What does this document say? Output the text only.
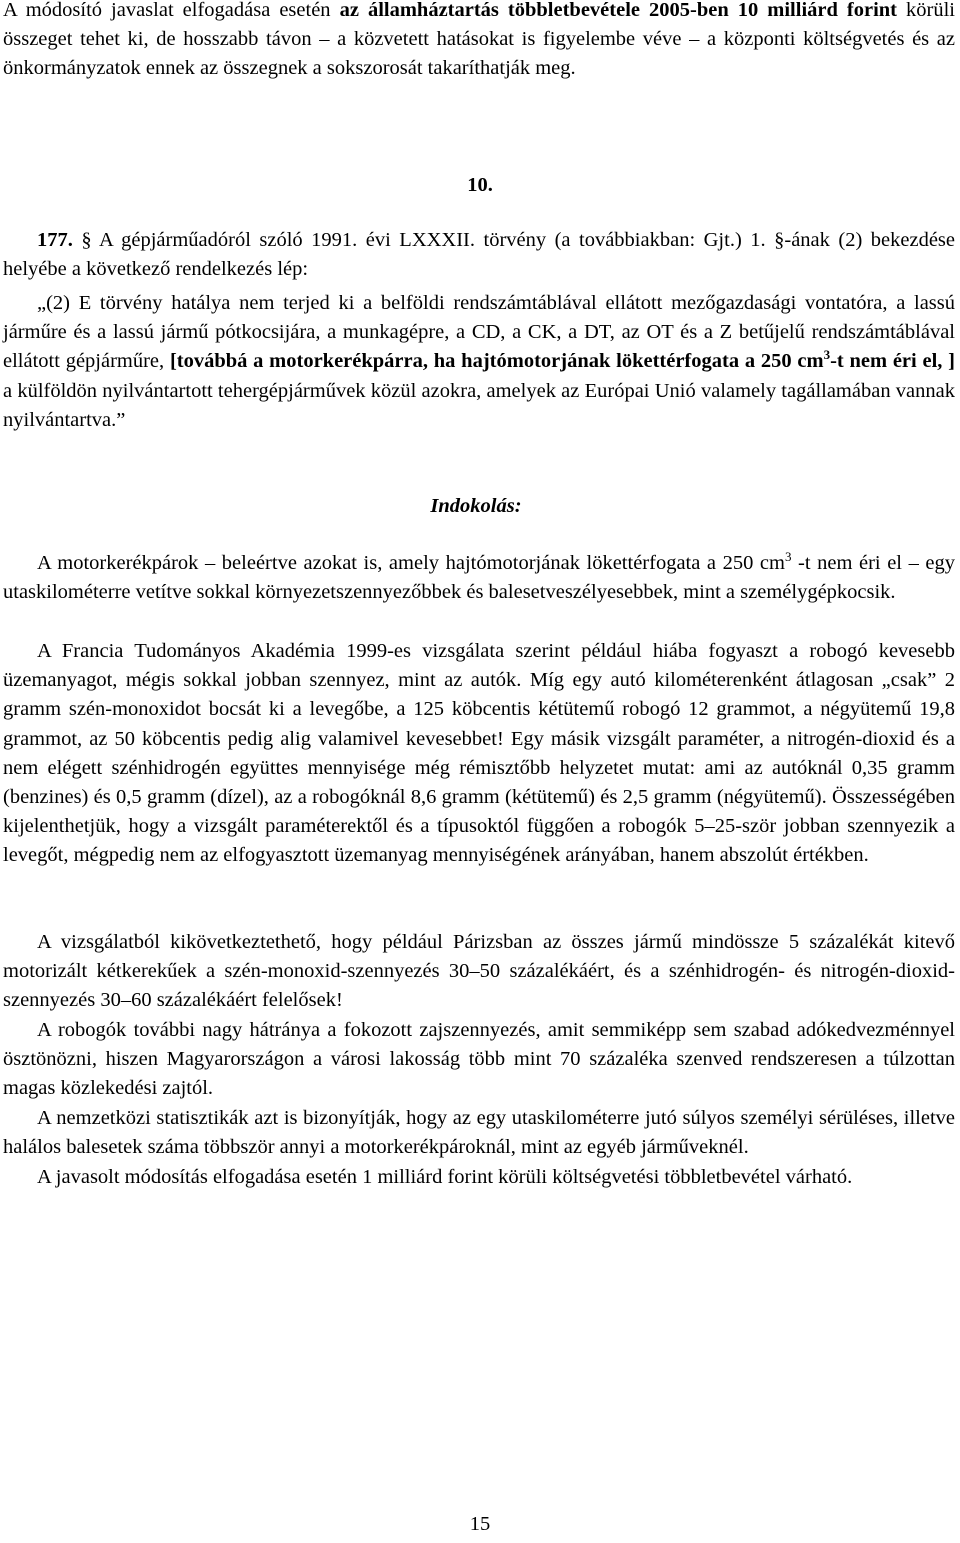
A módosító javaslat elfogadása esetén az államháztartás többletbevétele 2005-ben 10 milliárd forint körüli összeget tehet ki, de hosszabb távon – a közvetett hatásokat is figyelembe véve – a központi költségvetés és az önkormányzatok ennek az összegnek a sokszorosát takaríthatják meg.

10.

177. § A gépjárműadóról szóló 1991. évi LXXXII. törvény (a továbbiakban: Gjt.) 1. §-ának (2) bekezdése helyébe a következő rendelkezés lép:

„(2) E törvény hatálya nem terjed ki a belföldi rendszámtáblával ellátott mezőgazdasági vontatóra, a lassú járműre és a lassú jármű pótkocsijára, a munkagépre, a CD, a CK, a DT, az OT és a Z betűjelű rendszámtáblával ellátott gépjárműre, [továbbá a motorkerékpárra, ha hajtómotorjának lökettérfogata a 250 $cm^3-t$ nem éri el, ] a külföldön nyilvántartott tehergépjárművek közül azokra, amelyek az Európai Unió valamely tagállamában vannak nyilvántartva.”

Indokolás:

A motorkerékpárok – beleértve azokat is, amely hajtómotorjának lökettérfogata a 250 $cm^3$ -t nem éri el – egy utaskilométerre vetítve sokkal környezetszennyezőbbek és balesetveszélyesebbek, mint a személygépkocsik.

A Francia Tudományos Akadémia 1999-es vizsgálata szerint például hiába fogyaszt a robogó kevesebb üzemanyagot, mégis sokkal jobban szennyez, mint az autók. Míg egy autó kilométerenként átlagosan „csak” 2 gramm szén-monoxidot bocsát ki a levegőbe, a 125 köbcentis kétütemű robogó 12 grammot, a négyütemű 19,8 grammot, az 50 köbcentis pedig alig valamivel kevesebbet! Egy másik vizsgált paraméter, a nitrogén-dioxid és a nem elégett szénhidrogén együttes mennyisége még rémisztőbb helyzetet mutat: ami az autóknál 0,35 gramm (benzines) és 0,5 gramm (dízel), az a robogóknál 8,6 gramm (kétütemű) és 2,5 gramm (négyütemű). Összességében kijelenthetjük, hogy a vizsgált paraméterektől és a típusoktól függően a robogók 5–25-ször jobban szennyezik a levegőt, mégpedig nem az elfogyasztott üzemanyag mennyiségének arányában, hanem abszolút értékben.

A vizsgálatból kikövetkeztethető, hogy például Párizsban az összes jármű mindössze 5 százalékát kitevő motorizált kétkerekűek a szén-monoxid-szennyezés 30–50 százalékáért, és a szénhidrogén- és nitrogén-dioxid-szennyezés 30–60 százalékáért felelősek!

A robogók további nagy hátránya a fokozott zajszennyezés, amit semmiképp sem szabad adókedvezménnyel ösztönözni, hiszen Magyarországon a városi lakosság több mint 70 százaléka szenved rendszeresen a túlzottan magas közlekedési zajtól.

A nemzetközi statisztikák azt is bizonyítják, hogy az egy utaskilométerre jutó súlyos személyi sérüléses, illetve halálos balesetek száma többször annyi a motorkerékpároknál, mint az egyéb járműveknél.

A javasolt módosítás elfogadása esetén 1 milliárd forint körüli költségvetési többletbevétel várható.

15
